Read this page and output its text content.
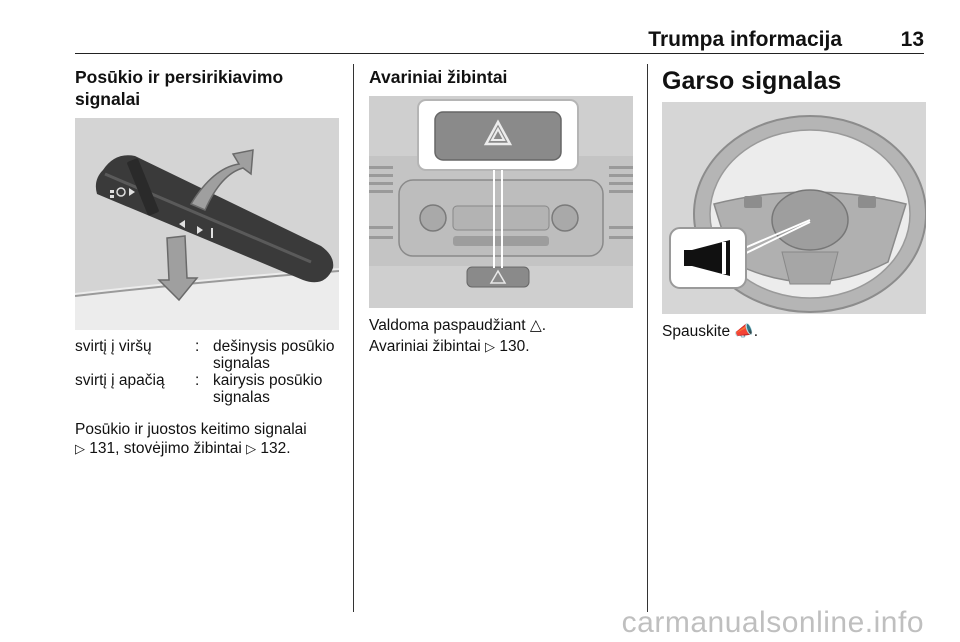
Trumpa informacija	13
Posūkio ir persirikiavimo signalai
svirtį į viršų	: dešinysis posūkio signalas
svirtį į apačią	: kairysis posūkio signalas
Posūkio ir juostos keitimo signalai
▷ 131, stovėjimo žibintai ▷ 132.
Avariniai žibintai
Valdoma paspaudžiant △.
Avariniai žibintai ▷ 130.
Garso signalas
Spauskite 📣.
carmanualsonline.info
